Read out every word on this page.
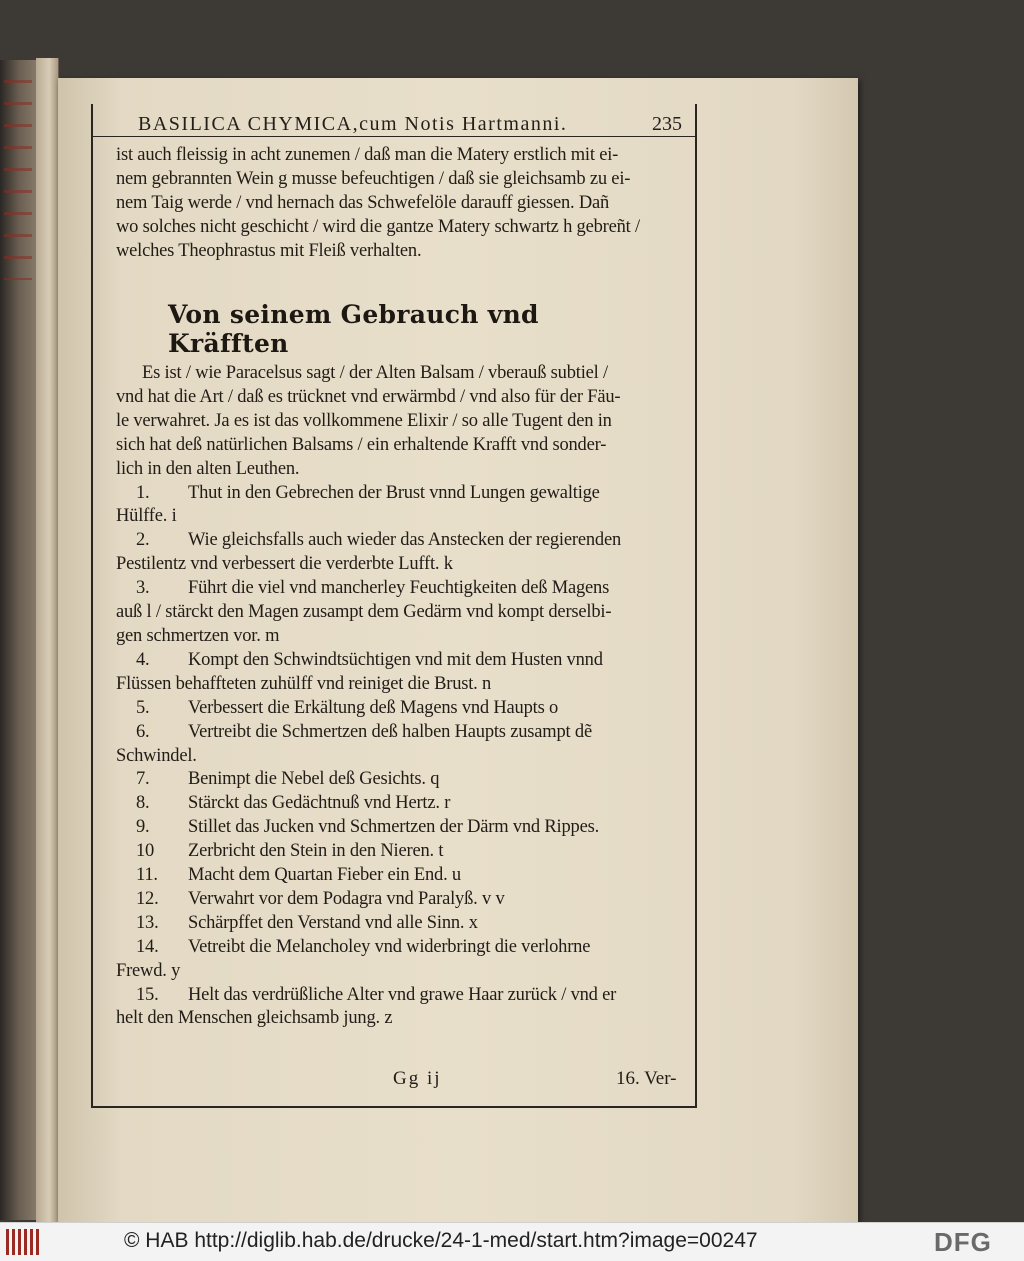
BASILICA CHYMICA,cum Notis Hartmanni.	235

ist auch fleissig in acht zunemen / daß man die Matery erstlich mit ei-

nem gebrannten Wein g musse befeuchtigen / daß sie gleichsamb zu ei-

nem Taig werde / vnd hernach das Schwefelöle darauff giessen. Dañ

wo solches nicht geschicht / wird die gantze Matery schwartz h gebreñt /

welches Theophrastus mit Fleiß verhalten.

Von seinem Gebrauch vnd Kräfften

Es ist / wie Paracelsus sagt / der Alten Balsam / vberauß subtiel /

vnd hat die Art / daß es trücknet vnd erwärmbd / vnd also für der Fäu-

le verwahret. Ja es ist das vollkommene Elixir / so alle Tugent den in

sich hat deß natürlichen Balsams / ein erhaltende Krafft vnd sonder-

lich in den alten Leuthen.

1. Thut in den Gebrechen der Brust vnnd Lungen gewaltige

Hülffe. i

2. Wie gleichsfalls auch wieder das Anstecken der regierenden

Pestilentz vnd verbessert die verderbte Lufft. k

3. Führt die viel vnd mancherley Feuchtigkeiten deß Magens

auß l / stärckt den Magen zusampt dem Gedärm vnd kompt derselbi-

gen schmertzen vor. m

4. Kompt den Schwindtsüchtigen vnd mit dem Husten vnnd

Flüssen behaffteten zuhülff vnd reiniget die Brust. n

5. Verbessert die Erkältung deß Magens vnd Haupts o

6. Vertreibt die Schmertzen deß halben Haupts zusampt dẽ

Schwindel.

7. Benimpt die Nebel deß Gesichts. q

8. Stärckt das Gedächtnuß vnd Hertz. r

9. Stillet das Jucken vnd Schmertzen der Därm vnd Rippes.

10 Zerbricht den Stein in den Nieren. t

11. Macht dem Quartan Fieber ein End. u

12. Verwahrt vor dem Podagra vnd Paralyß. v v

13. Schärpffet den Verstand vnd alle Sinn. x

14. Vetreibt die Melancholey vnd widerbringt die verlohrne

Frewd. y

15. Helt das verdrüßliche Alter vnd grawe Haar zurück / vnd er

helt den Menschen gleichsamb jung. z

Gg ij	16. Ver-
© HAB http://diglib.hab.de/drucke/24-1-med/start.htm?image=00247	DFG
